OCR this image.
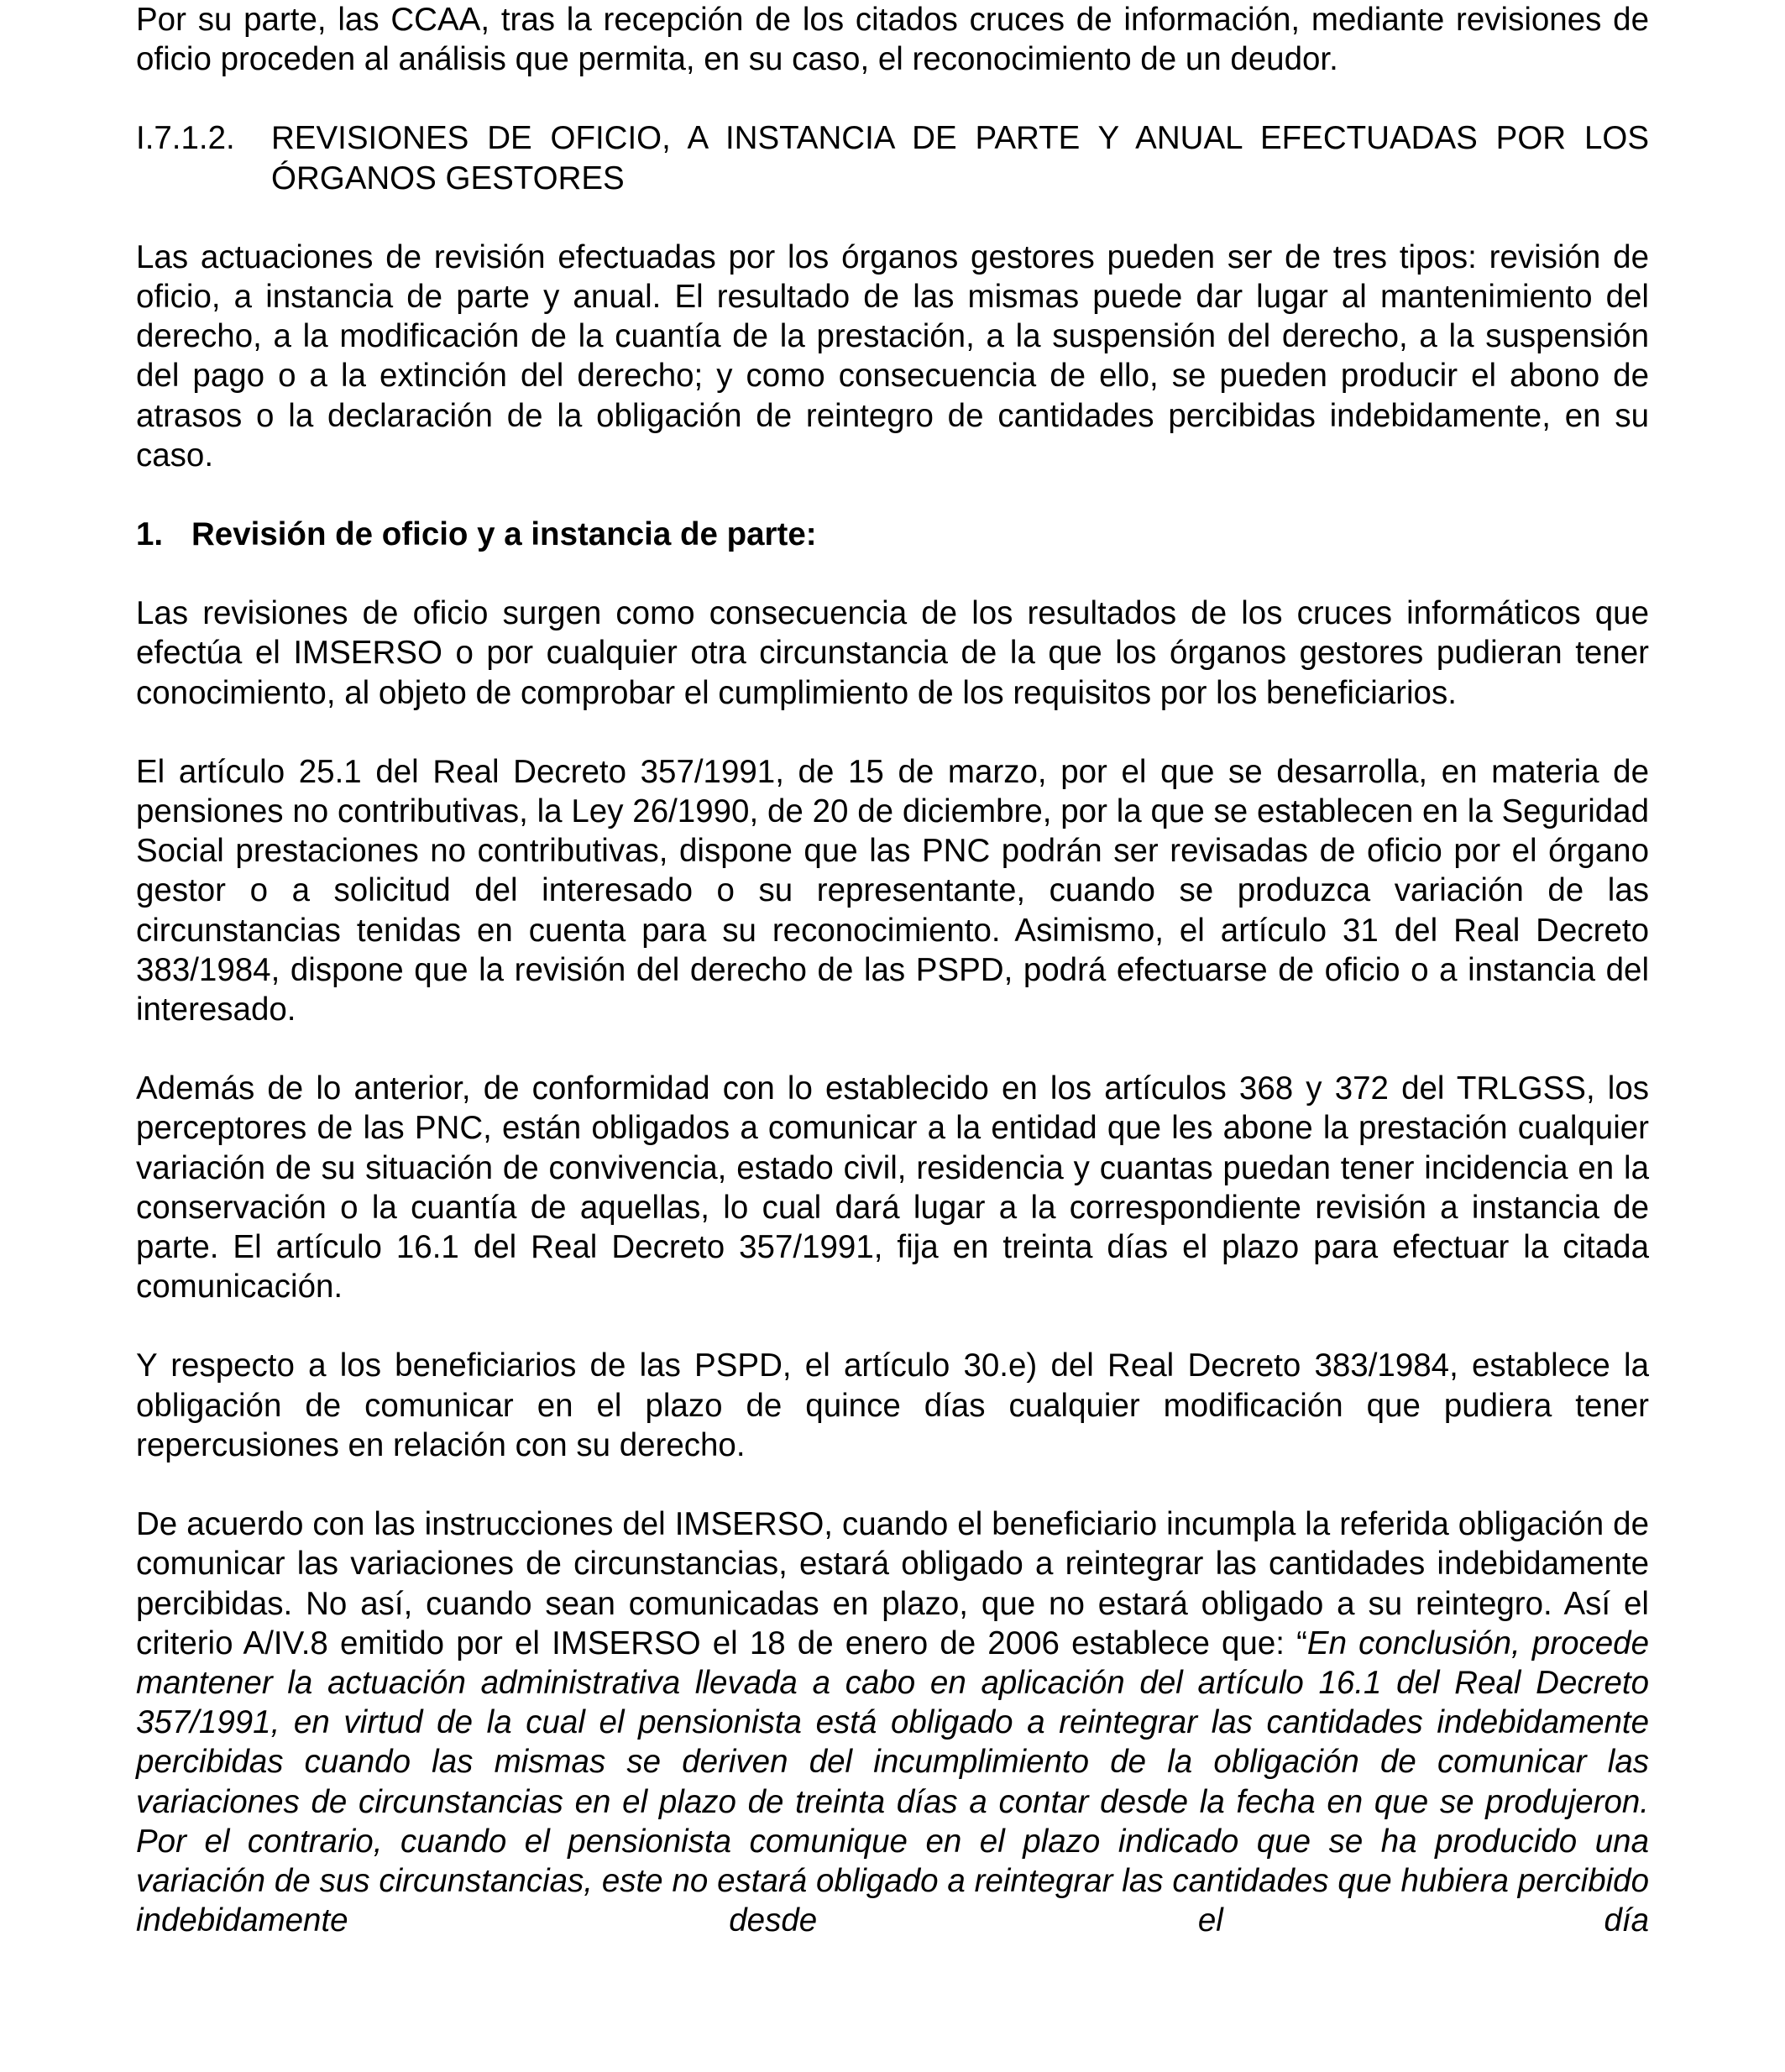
Por su parte, las CCAA, tras la recepción de los citados cruces de información, mediante revisiones de oficio proceden al análisis que permita, en su caso, el reconocimiento de un deudor.

I.7.1.2.	REVISIONES DE OFICIO, A INSTANCIA DE PARTE Y ANUAL EFECTUADAS POR LOS ÓRGANOS GESTORES

Las actuaciones de revisión efectuadas por los órganos gestores pueden ser de tres tipos: revisión de oficio, a instancia de parte y anual. El resultado de las mismas puede dar lugar al mantenimiento del derecho, a la modificación de la cuantía de la prestación, a la suspensión del derecho, a la suspensión del pago o a la extinción del derecho; y como consecuencia de ello, se pueden producir el abono de atrasos o la declaración de la obligación de reintegro de cantidades percibidas indebidamente, en su caso.

1. Revisión de oficio y a instancia de parte:

Las revisiones de oficio surgen como consecuencia de los resultados de los cruces informáticos que efectúa el IMSERSO o por cualquier otra circunstancia de la que los órganos gestores pudieran tener conocimiento, al objeto de comprobar el cumplimiento de los requisitos por los beneficiarios.

El artículo 25.1 del Real Decreto 357/1991, de 15 de marzo, por el que se desarrolla, en materia de pensiones no contributivas, la Ley 26/1990, de 20 de diciembre, por la que se establecen en la Seguridad Social prestaciones no contributivas, dispone que las PNC podrán ser revisadas de oficio por el órgano gestor o a solicitud del interesado o su representante, cuando se produzca variación de las circunstancias tenidas en cuenta para su reconocimiento. Asimismo, el artículo 31 del Real Decreto 383/1984, dispone que la revisión del derecho de las PSPD, podrá efectuarse de oficio o a instancia del interesado.

Además de lo anterior, de conformidad con lo establecido en los artículos 368 y 372 del TRLGSS, los perceptores de las PNC, están obligados a comunicar a la entidad que les abone la prestación cualquier variación de su situación de convivencia, estado civil, residencia y cuantas puedan tener incidencia en la conservación o la cuantía de aquellas, lo cual dará lugar a la correspondiente revisión a instancia de parte. El artículo 16.1 del Real Decreto 357/1991, fija en treinta días el plazo para efectuar la citada comunicación.

Y respecto a los beneficiarios de las PSPD, el artículo 30.e) del Real Decreto 383/1984, establece la obligación de comunicar en el plazo de quince días cualquier modificación que pudiera tener repercusiones en relación con su derecho.

De acuerdo con las instrucciones del IMSERSO, cuando el beneficiario incumpla la referida obligación de comunicar las variaciones de circunstancias, estará obligado a reintegrar las cantidades indebidamente percibidas. No así, cuando sean comunicadas en plazo, que no estará obligado a su reintegro. Así el criterio A/IV.8 emitido por el IMSERSO el 18 de enero de 2006 establece que: “En conclusión, procede mantener la actuación administrativa llevada a cabo en aplicación del artículo 16.1 del Real Decreto 357/1991, en virtud de la cual el pensionista está obligado a reintegrar las cantidades indebidamente percibidas cuando las mismas se deriven del incumplimiento de la obligación de comunicar las variaciones de circunstancias en el plazo de treinta días a contar desde la fecha en que se produjeron. Por el contrario, cuando el pensionista comunique en el plazo indicado que se ha producido una variación de sus circunstancias, este no estará obligado a reintegrar las cantidades que hubiera percibido indebidamente desde el día
